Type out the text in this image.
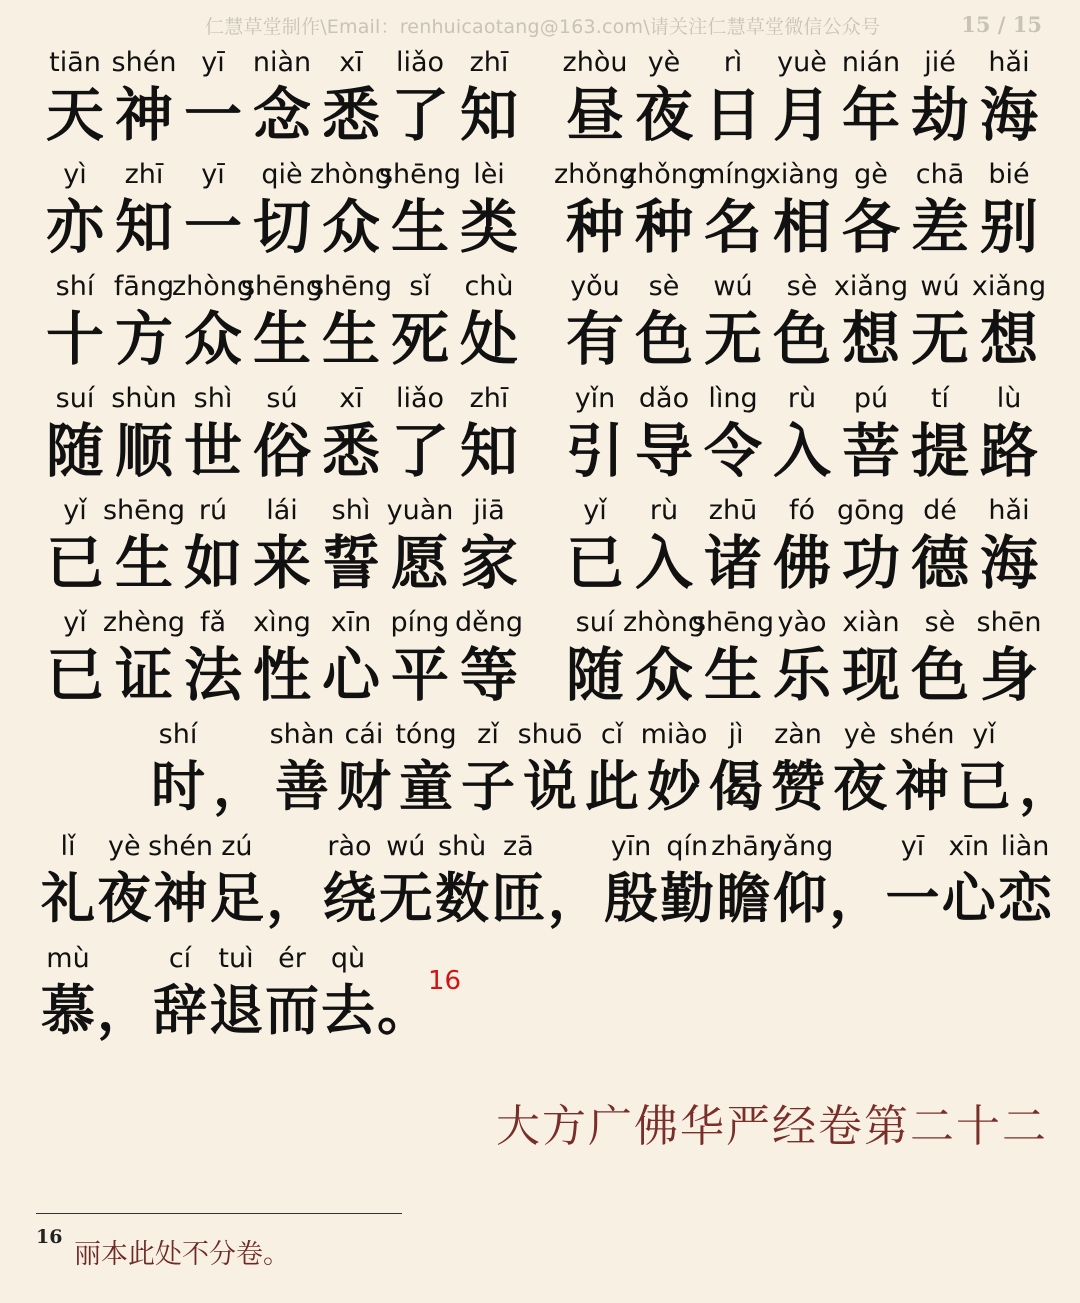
仁慧草堂制作\Email：renhuicaotang@163.com\请关注仁慧草堂微信公众号	15 / 15
tiān
天
shén
神
yī
一
niàn
念
xī
悉
liǎo
了
zhī
知
zhòu
昼
yè
夜
rì
日
yuè
月
nián
年
jié
劫
hǎi
海
yì
亦
zhī
知
yī
一
qiè
切
zhòng
众
shēng
生
lèi
类
zhǒng
种
zhǒng
种
míng
名
xiàng
相
gè
各
chā
差
bié
别
shí
十
fāng
方
zhòng
众
shēng
生
shēng
生
sǐ
死
chù
处
yǒu
有
sè
色
wú
无
sè
色
xiǎng
想
wú
无
xiǎng
想
suí
随
shùn
顺
shì
世
sú
俗
xī
悉
liǎo
了
zhī
知
yǐn
引
dǎo
导
lìng
令
rù
入
pú
菩
tí
提
lù
路
yǐ
已
shēng
生
rú
如
lái
来
shì
誓
yuàn
愿
jiā
家
yǐ
已
rù
入
zhū
诸
fó
佛
gōng
功
dé
德
hǎi
海
yǐ
已
zhèng
证
fǎ
法
xìng
性
xīn
心
píng
平
děng
等
suí
随
zhòng
众
shēng
生
yào
乐
xiàn
现
sè
色
shēn
身
shí
时 ，
shàn
善
cái
财
tóng
童
zǐ
子
shuō
说
cǐ
此
miào
妙
jì
偈
zàn
赞
yè
夜
shén
神
yǐ
已 ，
lǐ
礼
yè
夜
shén
神
zú
足 ，
rào
绕
wú
无
shù
数
zā
匝 ，
yīn
殷
qín
勤
zhān
瞻
yǎng
仰 ，
yī
一
xīn
心
liàn
恋
mù
慕 ，
cí
辞
tuì
退
ér
而
qù
去 。
16
大方广佛华严经卷第二十二
16
丽本此处不分卷。
